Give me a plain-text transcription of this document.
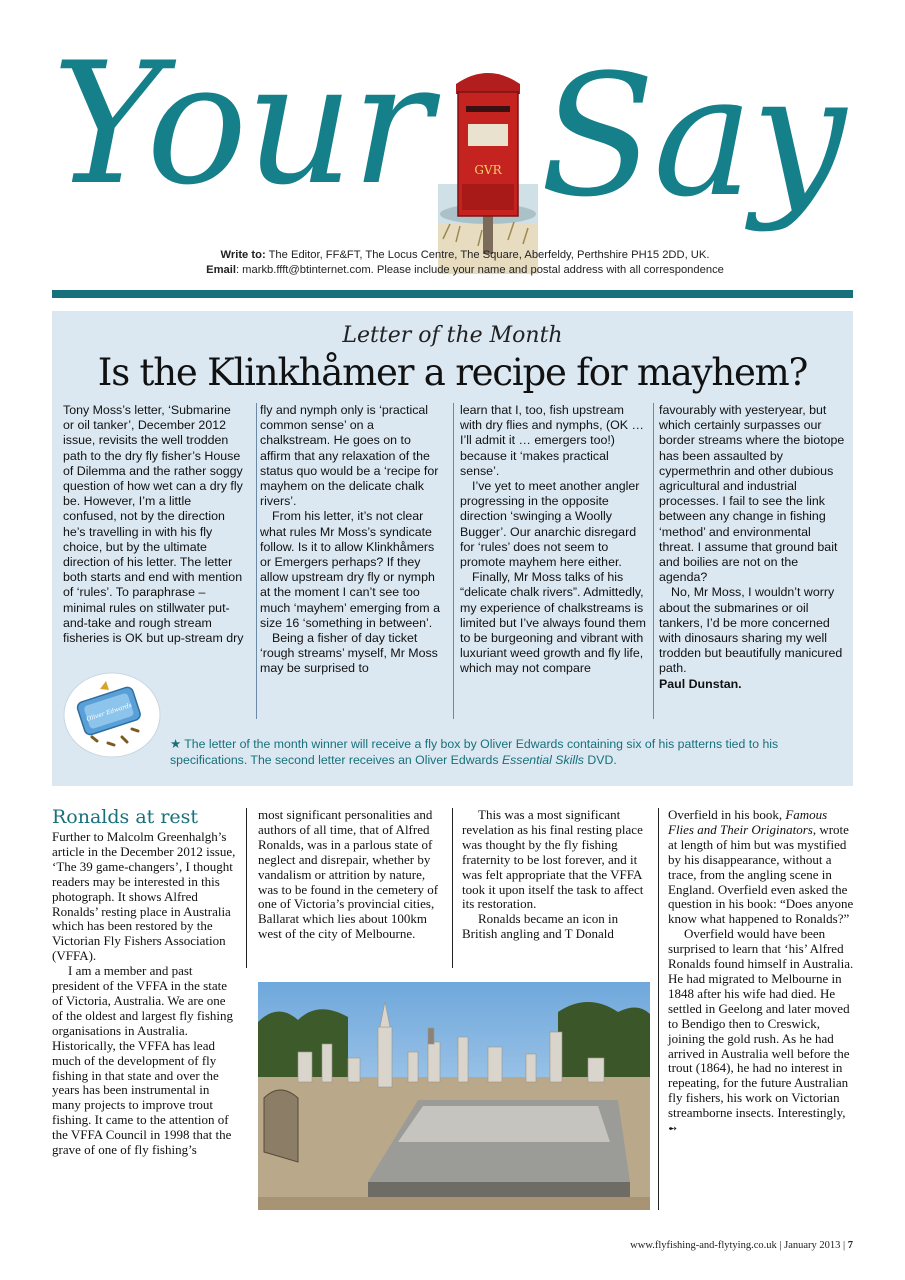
Your Say
GVR
Write to: The Editor, FF&FT, The Locus Centre, The Square, Aberfeldy, Perthshire PH15 2DD, UK.
Email: markb.ffft@btinternet.com. Please include your name and postal address with all correspondence
Letter of the Month
Is the Klinkhåmer a recipe for mayhem?

Tony Moss’s letter, ‘Submarine or oil tanker’, December 2012 issue, revisits the well trodden path to the dry fly fisher’s House of Dilemma and the rather soggy question of how wet can a dry fly be. However, I’m a little confused, not by the direction he’s travelling in with his fly choice, but by the ultimate direction of his letter. The letter both starts and end with mention of ‘rules’. To paraphrase – minimal rules on stillwater put-and-take and rough stream fisheries is OK but up-stream dry

fly and nymph only is ‘practical common sense’ on a chalkstream. He goes on to affirm that any relaxation of the status quo would be a ‘recipe for mayhem on the delicate chalk rivers’.

From his letter, it’s not clear what rules Mr Moss’s syndicate follow. Is it to allow Klinkhåmers or Emergers perhaps? If they allow upstream dry fly or nymph at the moment I can’t see too much ‘mayhem’ emerging from a size 16 ‘something in between’.

Being a fisher of day ticket ‘rough streams’ myself, Mr Moss may be surprised to

learn that I, too, fish upstream with dry flies and nymphs, (OK … I’ll admit it … emergers too!) because it ‘makes practical sense’.

I’ve yet to meet another angler progressing in the opposite direction ‘swinging a Woolly Bugger’. Our anarchic disregard for ‘rules’ does not seem to promote mayhem here either.

Finally, Mr Moss talks of his “delicate chalk rivers”. Admittedly, my experience of chalkstreams is limited but I’ve always found them to be burgeoning and vibrant with luxuriant weed growth and fly life, which may not compare

favourably with yesteryear, but which certainly surpasses our border streams where the biotope has been assaulted by cypermethrin and other dubious agricultural and industrial processes. I fail to see the link between any change in fishing ‘method’ and environmental threat. I assume that ground bait and boilies are not on the agenda?

No, Mr Moss, I wouldn’t worry about the submarines or oil tankers, I’d be more concerned with dinosaurs sharing my well trodden but beautifully manicured path.

Paul Dunstan.

Oliver Edwards
★ The letter of the month winner will receive a fly box by Oliver Edwards containing six of his patterns tied to his specifications. The second letter receives an Oliver Edwards Essential Skills DVD.
Ronalds at rest

Further to Malcolm Greenhalgh’s article in the December 2012 issue, ‘The 39 game-changers’, I thought readers may be interested in this photograph. It shows Alfred Ronalds’ resting place in Australia which has been restored by the Victorian Fly Fishers Association (VFFA).

I am a member and past president of the VFFA in the state of Victoria, Australia. We are one of the oldest and largest fly fishing organisations in Australia. Historically, the VFFA has lead much of the development of fly fishing in that state and over the years has been instrumental in many projects to improve trout fishing. It came to the attention of the VFFA Council in 1998 that the grave of one of fly fishing’s

most significant personalities and authors of all time, that of Alfred Ronalds, was in a parlous state of neglect and disrepair, whether by vandalism or attrition by nature, was to be found in the cemetery of one of Victoria’s provincial cities, Ballarat which lies about 100km west of the city of Melbourne.

This was a most significant revelation as his final resting place was thought by the fly fishing fraternity to be lost forever, and it was felt appropriate that the VFFA took it upon itself the task to affect its restoration.

Ronalds became an icon in British angling and T Donald

Overfield in his book, Famous Flies and Their Originators, wrote at length of him but was mystified by his disappearance, without a trace, from the angling scene in England. Overfield even asked the question in his book: “Does anyone know what happened to Ronalds?”

Overfield would have been surprised to learn that ‘his’ Alfred Ronalds found himself in Australia. He had migrated to Melbourne in 1848 after his wife had died. He settled in Geelong and later moved to Bendigo then to Creswick, joining the gold rush. As he had arrived in Australia well before the trout (1864), he had no interest in repeating, for the future Australian fly fishers, his work on Victorian streamborne insects. Interestingly, ➻

www.flyfishing-and-flytying.co.uk | January 2013 | 7
